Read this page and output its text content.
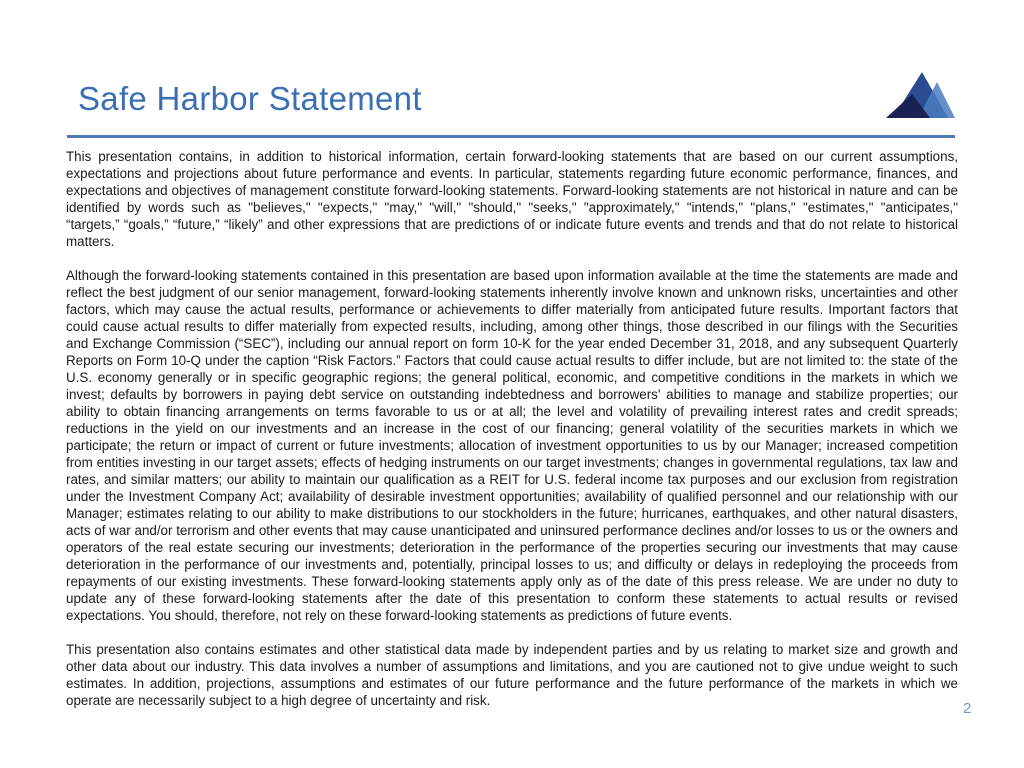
Safe Harbor Statement

This presentation contains, in addition to historical information, certain forward-looking statements that are based on our current assumptions, expectations and projections about future performance and events. In particular, statements regarding future economic performance, finances, and expectations and objectives of management constitute forward-looking statements. Forward-looking statements are not historical in nature and can be identified by words such as "believes," "expects," "may," "will," "should," "seeks," "approximately," "intends," "plans," "estimates," "anticipates," “targets,” “goals,” “future,” “likely” and other expressions that are predictions of or indicate future events and trends and that do not relate to historical matters.

Although the forward-looking statements contained in this presentation are based upon information available at the time the statements are made and reflect the best judgment of our senior management, forward-looking statements inherently involve known and unknown risks, uncertainties and other factors, which may cause the actual results, performance or achievements to differ materially from anticipated future results. Important factors that could cause actual results to differ materially from expected results, including, among other things, those described in our filings with the Securities and Exchange Commission (“SEC”), including our annual report on form 10-K for the year ended December 31, 2018, and any subsequent Quarterly Reports on Form 10-Q under the caption “Risk Factors.” Factors that could cause actual results to differ include, but are not limited to: the state of the U.S. economy generally or in specific geographic regions; the general political, economic, and competitive conditions in the markets in which we invest; defaults by borrowers in paying debt service on outstanding indebtedness and borrowers' abilities to manage and stabilize properties; our ability to obtain financing arrangements on terms favorable to us or at all; the level and volatility of prevailing interest rates and credit spreads; reductions in the yield on our investments and an increase in the cost of our financing; general volatility of the securities markets in which we participate; the return or impact of current or future investments; allocation of investment opportunities to us by our Manager; increased competition from entities investing in our target assets; effects of hedging instruments on our target investments; changes in governmental regulations, tax law and rates, and similar matters; our ability to maintain our qualification as a REIT for U.S. federal income tax purposes and our exclusion from registration under the Investment Company Act; availability of desirable investment opportunities; availability of qualified personnel and our relationship with our Manager; estimates relating to our ability to make distributions to our stockholders in the future; hurricanes, earthquakes, and other natural disasters, acts of war and/or terrorism and other events that may cause unanticipated and uninsured performance declines and/or losses to us or the owners and operators of the real estate securing our investments; deterioration in the performance of the properties securing our investments that may cause deterioration in the performance of our investments and, potentially, principal losses to us; and difficulty or delays in redeploying the proceeds from repayments of our existing investments. These forward-looking statements apply only as of the date of this press release. We are under no duty to update any of these forward-looking statements after the date of this presentation to conform these statements to actual results or revised expectations. You should, therefore, not rely on these forward-looking statements as predictions of future events.

This presentation also contains estimates and other statistical data made by independent parties and by us relating to market size and growth and other data about our industry. This data involves a number of assumptions and limitations, and you are cautioned not to give undue weight to such estimates. In addition, projections, assumptions and estimates of our future performance and the future performance of the markets in which we operate are necessarily subject to a high degree of uncertainty and risk.	2
